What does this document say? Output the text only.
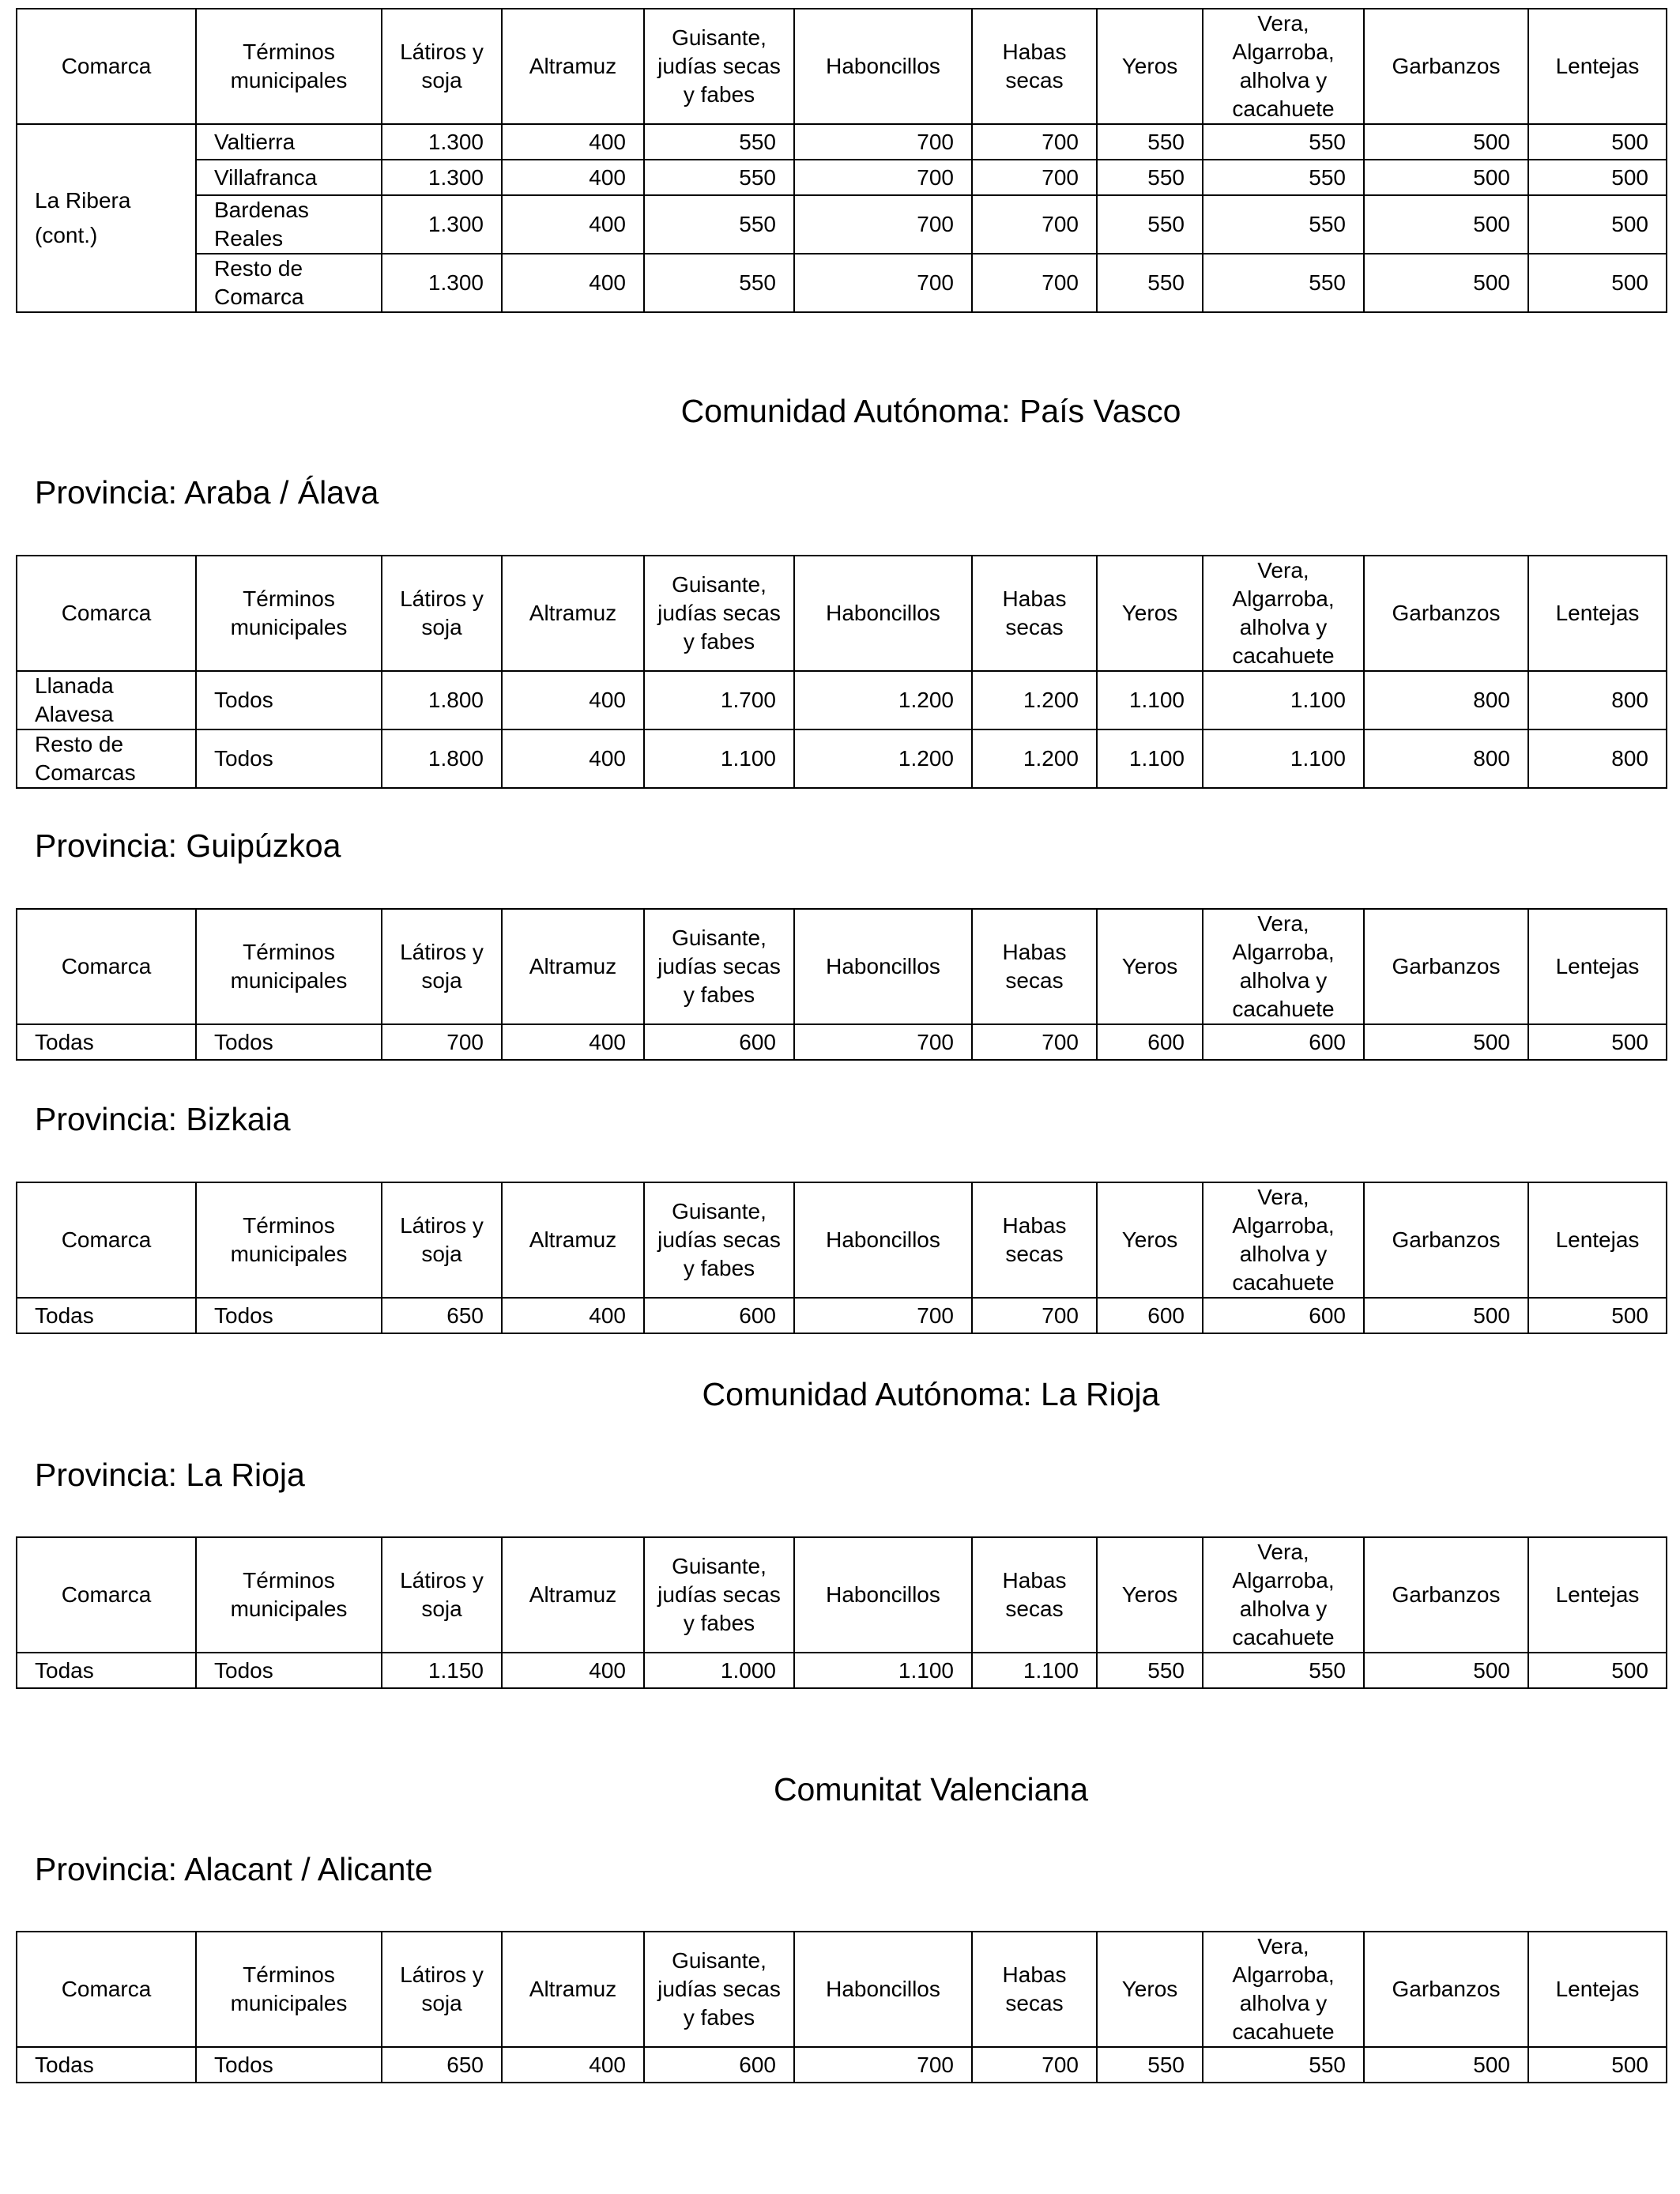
Comarca	Términos municipales	Látiros y soja	Altramuz	Guisante, judías secas y fabes	Haboncillos	Habas secas	Yeros	Vera, Algarroba, alholva y cacahuete	Garbanzos	Lentejas
La Ribera (cont.)	Valtierra	1.300	400	550	700	700	550	550	500	500
	Villafranca	1.300	400	550	700	700	550	550	500	500
	Bardenas Reales	1.300	400	550	700	700	550	550	500	500
	Resto de Comarca	1.300	400	550	700	700	550	550	500	500
Comunidad Autónoma: País Vasco
Provincia: Araba / Álava
Comarca	Términos municipales	Látiros y soja	Altramuz	Guisante, judías secas y fabes	Haboncillos	Habas secas	Yeros	Vera, Algarroba, alholva y cacahuete	Garbanzos	Lentejas
Llanada Alavesa	Todos	1.800	400	1.700	1.200	1.200	1.100	1.100	800	800
Resto de Comarcas	Todos	1.800	400	1.100	1.200	1.200	1.100	1.100	800	800
Provincia: Guipúzkoa
Comarca	Términos municipales	Látiros y soja	Altramuz	Guisante, judías secas y fabes	Haboncillos	Habas secas	Yeros	Vera, Algarroba, alholva y cacahuete	Garbanzos	Lentejas
Todas	Todos	700	400	600	700	700	600	600	500	500
Provincia: Bizkaia
Comarca	Términos municipales	Látiros y soja	Altramuz	Guisante, judías secas y fabes	Haboncillos	Habas secas	Yeros	Vera, Algarroba, alholva y cacahuete	Garbanzos	Lentejas
Todas	Todos	650	400	600	700	700	600	600	500	500
Comunidad Autónoma: La Rioja
Provincia: La Rioja
Comarca	Términos municipales	Látiros y soja	Altramuz	Guisante, judías secas y fabes	Haboncillos	Habas secas	Yeros	Vera, Algarroba, alholva y cacahuete	Garbanzos	Lentejas
Todas	Todos	1.150	400	1.000	1.100	1.100	550	550	500	500
Comunitat Valenciana
Provincia: Alacant / Alicante
Comarca	Términos municipales	Látiros y soja	Altramuz	Guisante, judías secas y fabes	Haboncillos	Habas secas	Yeros	Vera, Algarroba, alholva y cacahuete	Garbanzos	Lentejas
Todas	Todos	650	400	600	700	700	550	550	500	500
